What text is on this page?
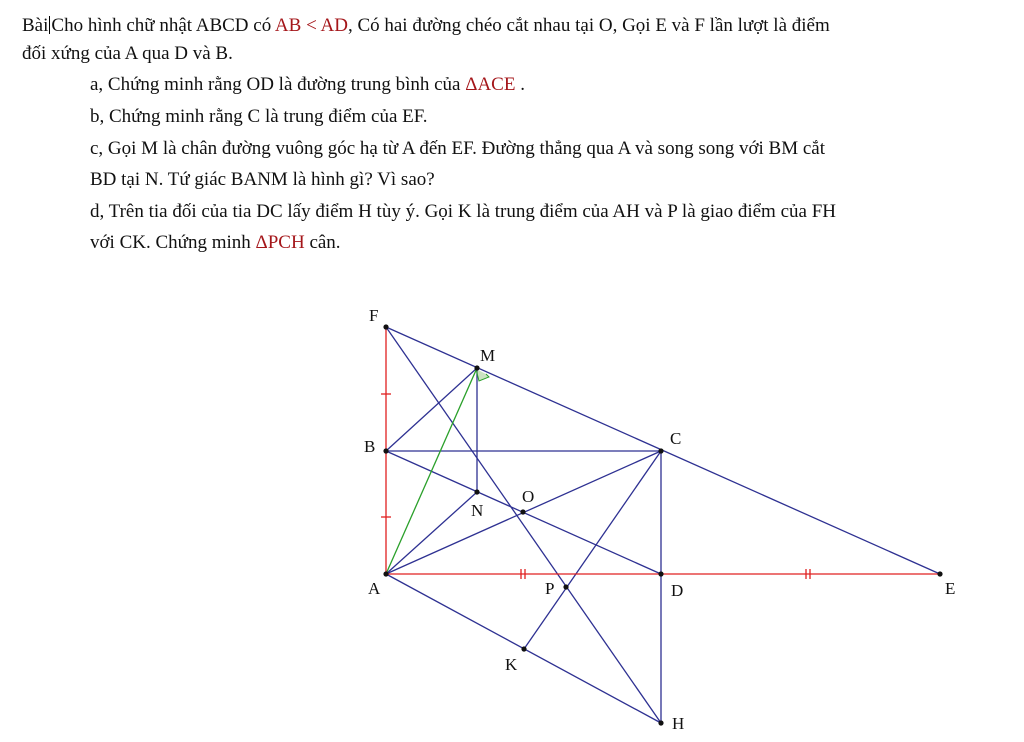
Bài Cho hình chữ nhật ABCD có AB < AD, Có hai đường chéo cắt nhau tại O, Gọi E và F lần lượt là điểm
đối xứng của A qua D và B.
a, Chứng minh rằng OD là đường trung bình của ΔACE .
b, Chứng minh rằng C là trung điểm của EF.
c, Gọi M là chân đường vuông góc hạ từ A đến EF. Đường thẳng qua A và song song với BM cắt
BD tại N. Tứ giác BANM là hình gì? Vì sao?
d, Trên tia đối của tia DC lấy điểm H tùy ý. Gọi K là trung điểm của AH và P là giao điểm của FH
với CK. Chứng minh ΔPCH cân.
F
M
B	C
O
N
A	P	D	E
K
H
